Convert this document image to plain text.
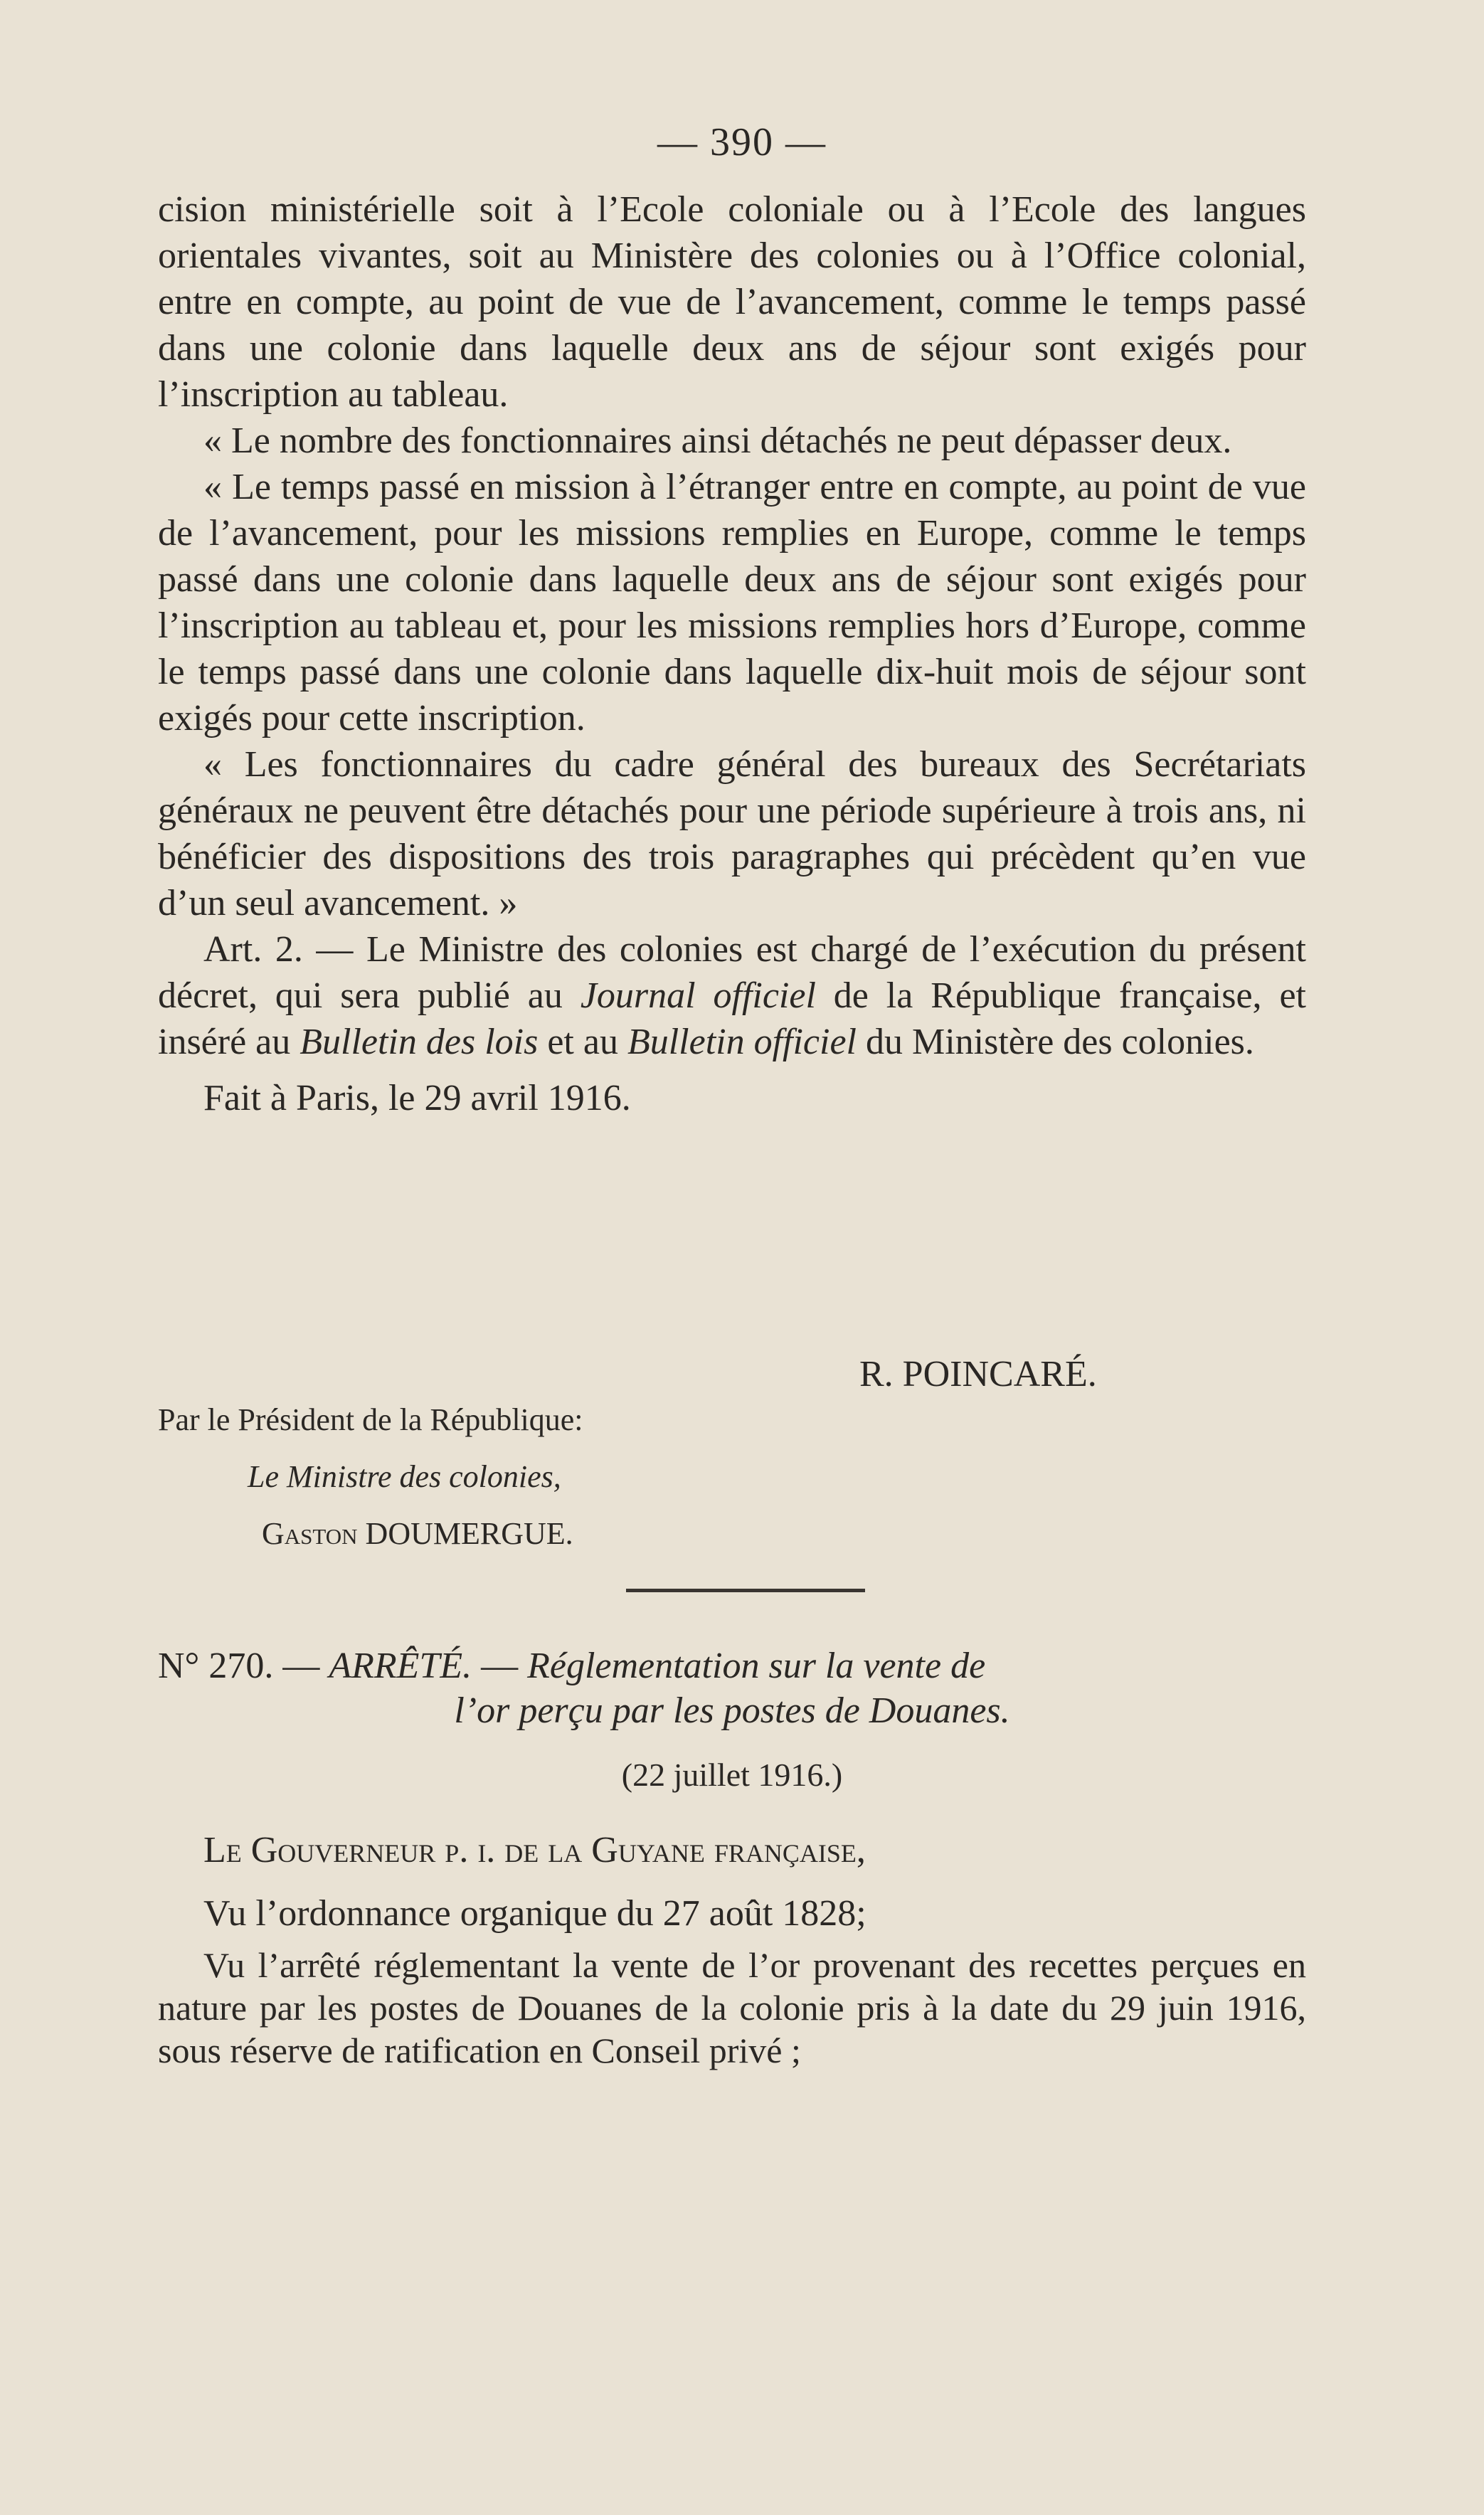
— 390 —

cision ministérielle soit à l’Ecole coloniale ou à l’Ecole des langues orientales vivantes, soit au Ministère des colonies ou à l’Office colonial, entre en compte, au point de vue de l’avancement, comme le temps passé dans une colonie dans laquelle deux ans de séjour sont exigés pour l’inscription au tableau.

« Le nombre des fonctionnaires ainsi détachés ne peut dépasser deux.

« Le temps passé en mission à l’étranger entre en compte, au point de vue de l’avancement, pour les missions remplies en Europe, comme le temps passé dans une colonie dans laquelle deux ans de séjour sont exigés pour l’inscription au tableau et, pour les missions remplies hors d’Europe, comme le temps passé dans une colonie dans laquelle dix-huit mois de séjour sont exigés pour cette inscription.

« Les fonctionnaires du cadre général des bureaux des Secrétariats généraux ne peuvent être détachés pour une période supérieure à trois ans, ni bénéficier des dispositions des trois paragraphes qui précèdent qu’en vue d’un seul avancement. »

Art. 2. — Le Ministre des colonies est chargé de l’exécution du présent décret, qui sera publié au Journal officiel de la République française, et inséré au Bulletin des lois et au Bulletin officiel du Ministère des colonies.

Fait à Paris, le 29 avril 1916.

R. POINCARÉ.
Par le Président de la République:
Le Ministre des colonies,
Gaston DOUMERGUE.
N° 270. — ARRÊTÉ. — Réglementation sur la vente de
l’or perçu par les postes de Douanes.
(22 juillet 1916.)

Le Gouverneur p. i. de la Guyane française,

Vu l’ordonnance organique du 27 août 1828;

Vu l’arrêté réglementant la vente de l’or provenant des recettes perçues en nature par les postes de Douanes de la colonie pris à la date du 29 juin 1916, sous réserve de ratification en Conseil privé ;
